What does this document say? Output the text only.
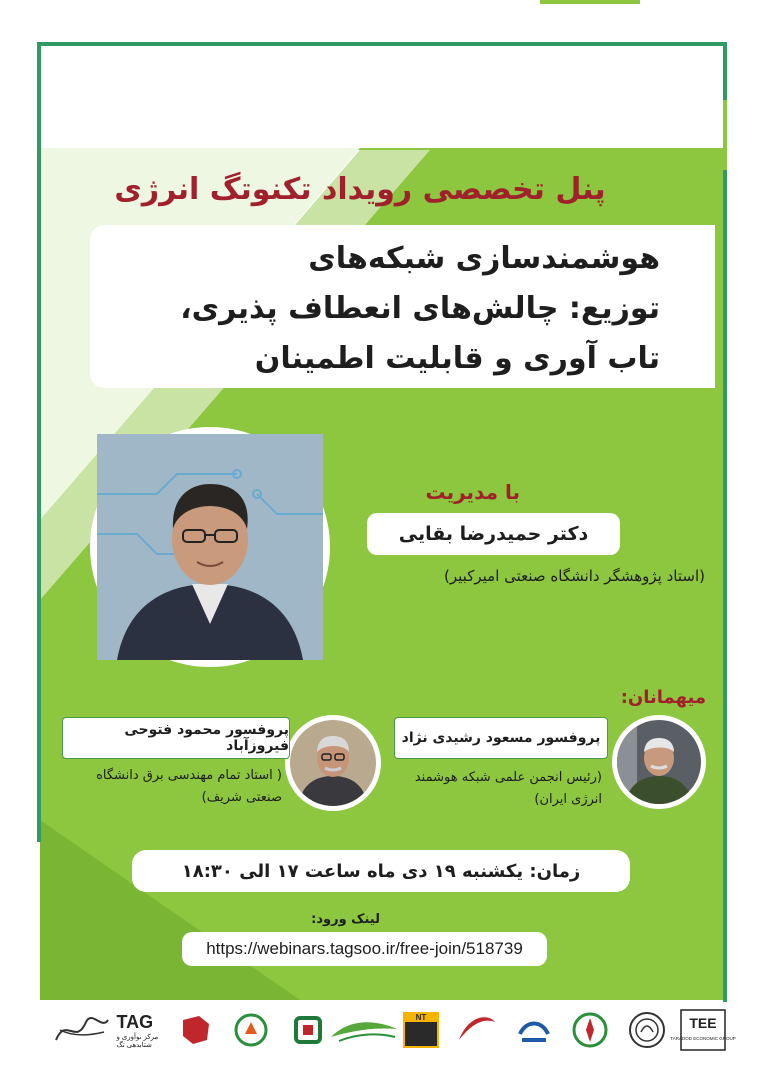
پنل تخصصی رویداد تکنوتگ انرژی
هوشمندسازی شبکه‌های
توزیع: چالش‌های انعطاف پذیری،
تاب آوری و قابلیت اطمینان

با مدیریت

دکتر حمیدرضا بقایی

(استاد پژوهشگر دانشگاه صنعتی امیرکبیر)

میهمانان:

پروفسور مسعود رشیدی نژاد

(رئیس انجمن علمی شبکه هوشمند
انرژی ایران)

پروفسور محمود فتوحی فیروزآباد

( استاد تمام مهندسی برق دانشگاه
صنعتی شریف)

زمان: یکشنبه ۱۹ دی ماه ساعت ۱۷ الی ۱۸:۳۰

لینک ورود:

https://webinars.tagsoo.ir/free-join/518739
TAG
مرکز نوآوری و شتابدهی تگ
NT	TEE
TARADOD ECONOMIC GROUP
